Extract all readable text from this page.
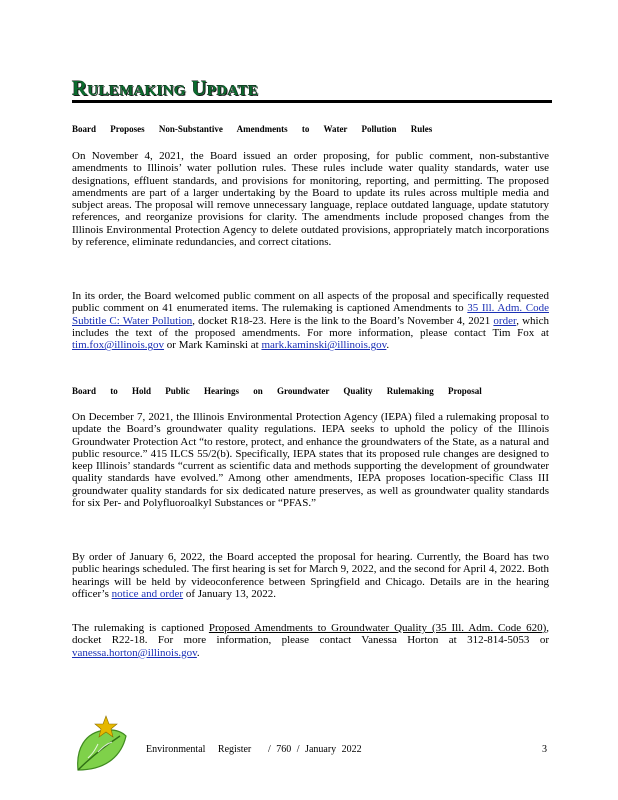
Rulemaking Update
Board Proposes Non-Substantive Amendments to Water Pollution Rules

On November 4, 2021, the Board issued an order proposing, for public comment, non-substantive amendments to Illinois’ water pollution rules. These rules include water quality standards, water use designations, effluent standards, and provisions for monitoring, reporting, and permitting. The proposed amendments are part of a larger undertaking by the Board to update its rules across multiple media and subject areas. The proposal will remove unnecessary language, replace outdated language, update statutory references, and reorganize provisions for clarity. The amendments include proposed changes from the Illinois Environmental Protection Agency to delete outdated provisions, appropriately match incorporations by reference, eliminate redundancies, and correct citations.

In its order, the Board welcomed public comment on all aspects of the proposal and specifically requested public comment on 41 enumerated items. The rulemaking is captioned Amendments to 35 Ill. Adm. Code Subtitle C: Water Pollution, docket R18-23. Here is the link to the Board’s November 4, 2021 order, which includes the text of the proposed amendments. For more information, please contact Tim Fox at tim.fox@illinois.gov or Mark Kaminski at mark.kaminski@illinois.gov.

Board to Hold Public Hearings on Groundwater Quality Rulemaking Proposal

On December 7, 2021, the Illinois Environmental Protection Agency (IEPA) filed a rulemaking proposal to update the Board’s groundwater quality regulations. IEPA seeks to uphold the policy of the Illinois Groundwater Protection Act “to restore, protect, and enhance the groundwaters of the State, as a natural and public resource.” 415 ILCS 55/2(b). Specifically, IEPA states that its proposed rule changes are designed to keep Illinois’ standards “current as scientific data and methods supporting the development of groundwater quality standards have evolved.” Among other amendments, IEPA proposes location-specific Class III groundwater quality standards for six dedicated nature preserves, as well as groundwater quality standards for six Per- and Polyfluoroalkyl Substances or “PFAS.”

By order of January 6, 2022, the Board accepted the proposal for hearing. Currently, the Board has two public hearings scheduled. The first hearing is set for March 9, 2022, and the second for April 4, 2022. Both hearings will be held by videoconference between Springfield and Chicago. Details are in the hearing officer’s notice and order of January 13, 2022.

The rulemaking is captioned Proposed Amendments to Groundwater Quality (35 Ill. Adm. Code 620), docket R22-18. For more information, please contact Vanessa Horton at 312-814-5053 or vanessa.horton@illinois.gov.

Environmental Register / 760 / January 2022	3
